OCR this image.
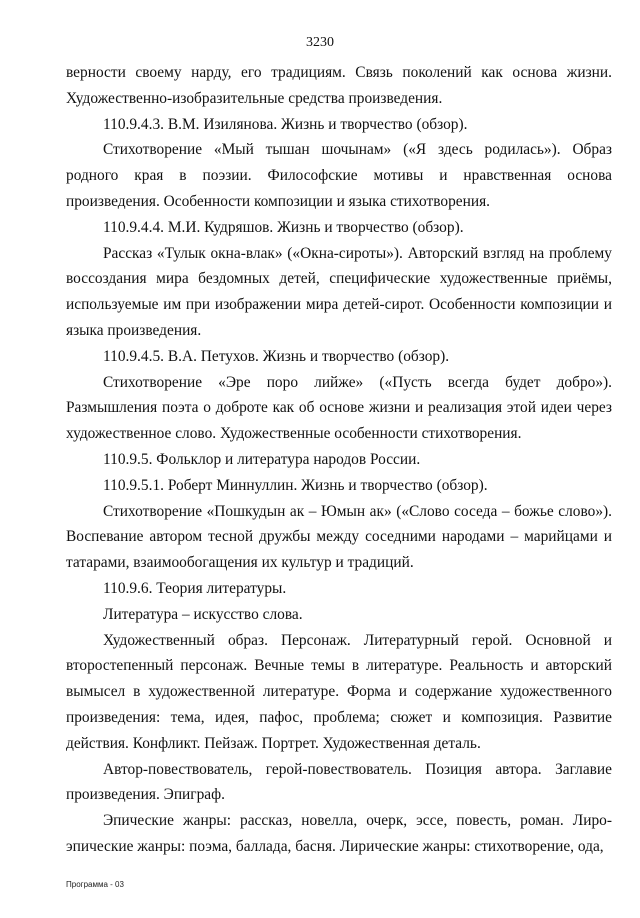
3230

верности своему нарду, его традициям. Связь поколений как основа жизни. Художественно-изобразительные средства произведения.

110.9.4.3. В.М. Изилянова. Жизнь и творчество (обзор).

Стихотворение «Мый тышан шочынам» («Я здесь родилась»). Образ родного края в поэзии. Философские мотивы и нравственная основа произведения. Особенности композиции и языка стихотворения.

110.9.4.4. М.И. Кудряшов. Жизнь и творчество (обзор).

Рассказ «Тулык окна-влак» («Окна-сироты»). Авторский взгляд на проблему воссоздания мира бездомных детей, специфические художественные приёмы, используемые им при изображении мира детей-сирот. Особенности композиции и языка произведения.

110.9.4.5. В.А. Петухов. Жизнь и творчество (обзор).

Стихотворение «Эре поро лийже» («Пусть всегда будет добро»). Размышления поэта о доброте как об основе жизни и реализация этой идеи через художественное слово. Художественные особенности стихотворения.

110.9.5. Фольклор и литература народов России.

110.9.5.1. Роберт Миннуллин. Жизнь и творчество (обзор).

Стихотворение «Пошкудын ак – Юмын ак» («Слово соседа – божье слово»). Воспевание автором тесной дружбы между соседними народами – марийцами и татарами, взаимообогащения их культур и традиций.

110.9.6. Теория литературы.

Литература – искусство слова.

Художественный образ. Персонаж. Литературный герой. Основной и второстепенный персонаж. Вечные темы в литературе. Реальность и авторский вымысел в художественной литературе. Форма и содержание художественного произведения: тема, идея, пафос, проблема; сюжет и композиция. Развитие действия. Конфликт. Пейзаж. Портрет. Художественная деталь.

Автор-повествователь, герой-повествователь. Позиция автора. Заглавие произведения. Эпиграф.

Эпические жанры: рассказ, новелла, очерк, эссе, повесть, роман. Лиро-эпические жанры: поэма, баллада, басня. Лирические жанры: стихотворение, ода,

Программа - 03
